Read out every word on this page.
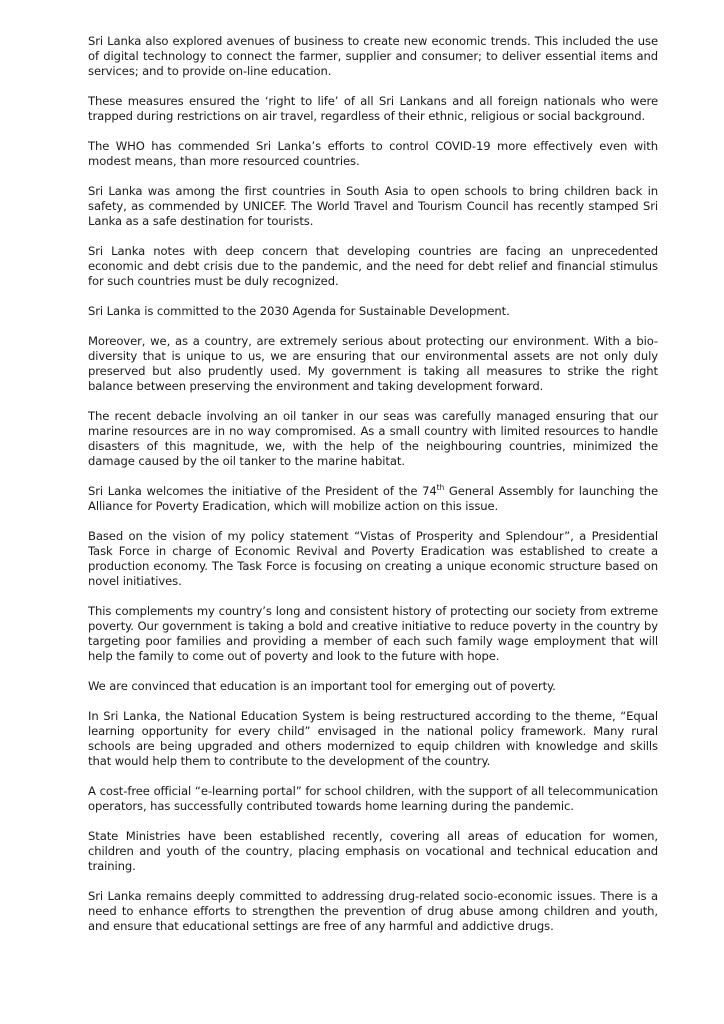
Sri Lanka also explored avenues of business to create new economic trends. This included the use of digital technology to connect the farmer, supplier and consumer; to deliver essential items and services; and to provide on-line education.

These measures ensured the ‘right to life’ of all Sri Lankans and all foreign nationals who were trapped during restrictions on air travel, regardless of their ethnic, religious or social background.

The WHO has commended Sri Lanka’s efforts to control COVID-19 more effectively even with modest means, than more resourced countries.

Sri Lanka was among the first countries in South Asia to open schools to bring children back in safety, as commended by UNICEF. The World Travel and Tourism Council has recently stamped Sri Lanka as a safe destination for tourists.

Sri Lanka notes with deep concern that developing countries are facing an unprecedented economic and debt crisis due to the pandemic, and the need for debt relief and financial stimulus for such countries must be duly recognized.

Sri Lanka is committed to the 2030 Agenda for Sustainable Development.

Moreover, we, as a country, are extremely serious about protecting our environment. With a bio-diversity that is unique to us, we are ensuring that our environmental assets are not only duly preserved but also prudently used. My government is taking all measures to strike the right balance between preserving the environment and taking development forward.

The recent debacle involving an oil tanker in our seas was carefully managed ensuring that our marine resources are in no way compromised. As a small country with limited resources to handle disasters of this magnitude, we, with the help of the neighbouring countries, minimized the damage caused by the oil tanker to the marine habitat.

Sri Lanka welcomes the initiative of the President of the 74th General Assembly for launching the Alliance for Poverty Eradication, which will mobilize action on this issue.

Based on the vision of my policy statement “Vistas of Prosperity and Splendour”, a Presidential Task Force in charge of Economic Revival and Poverty Eradication was established to create a production economy. The Task Force is focusing on creating a unique economic structure based on novel initiatives.

This complements my country’s long and consistent history of protecting our society from extreme poverty. Our government is taking a bold and creative initiative to reduce poverty in the country by targeting poor families and providing a member of each such family wage employment that will help the family to come out of poverty and look to the future with hope.

We are convinced that education is an important tool for emerging out of poverty.

In Sri Lanka, the National Education System is being restructured according to the theme, “Equal learning opportunity for every child” envisaged in the national policy framework. Many rural schools are being upgraded and others modernized to equip children with knowledge and skills that would help them to contribute to the development of the country.

A cost-free official “e-learning portal” for school children, with the support of all telecommunication operators, has successfully contributed towards home learning during the pandemic.

State Ministries have been established recently, covering all areas of education for women, children and youth of the country, placing emphasis on vocational and technical education and training.

Sri Lanka remains deeply committed to addressing drug-related socio-economic issues. There is a need to enhance efforts to strengthen the prevention of drug abuse among children and youth, and ensure that educational settings are free of any harmful and addictive drugs.
